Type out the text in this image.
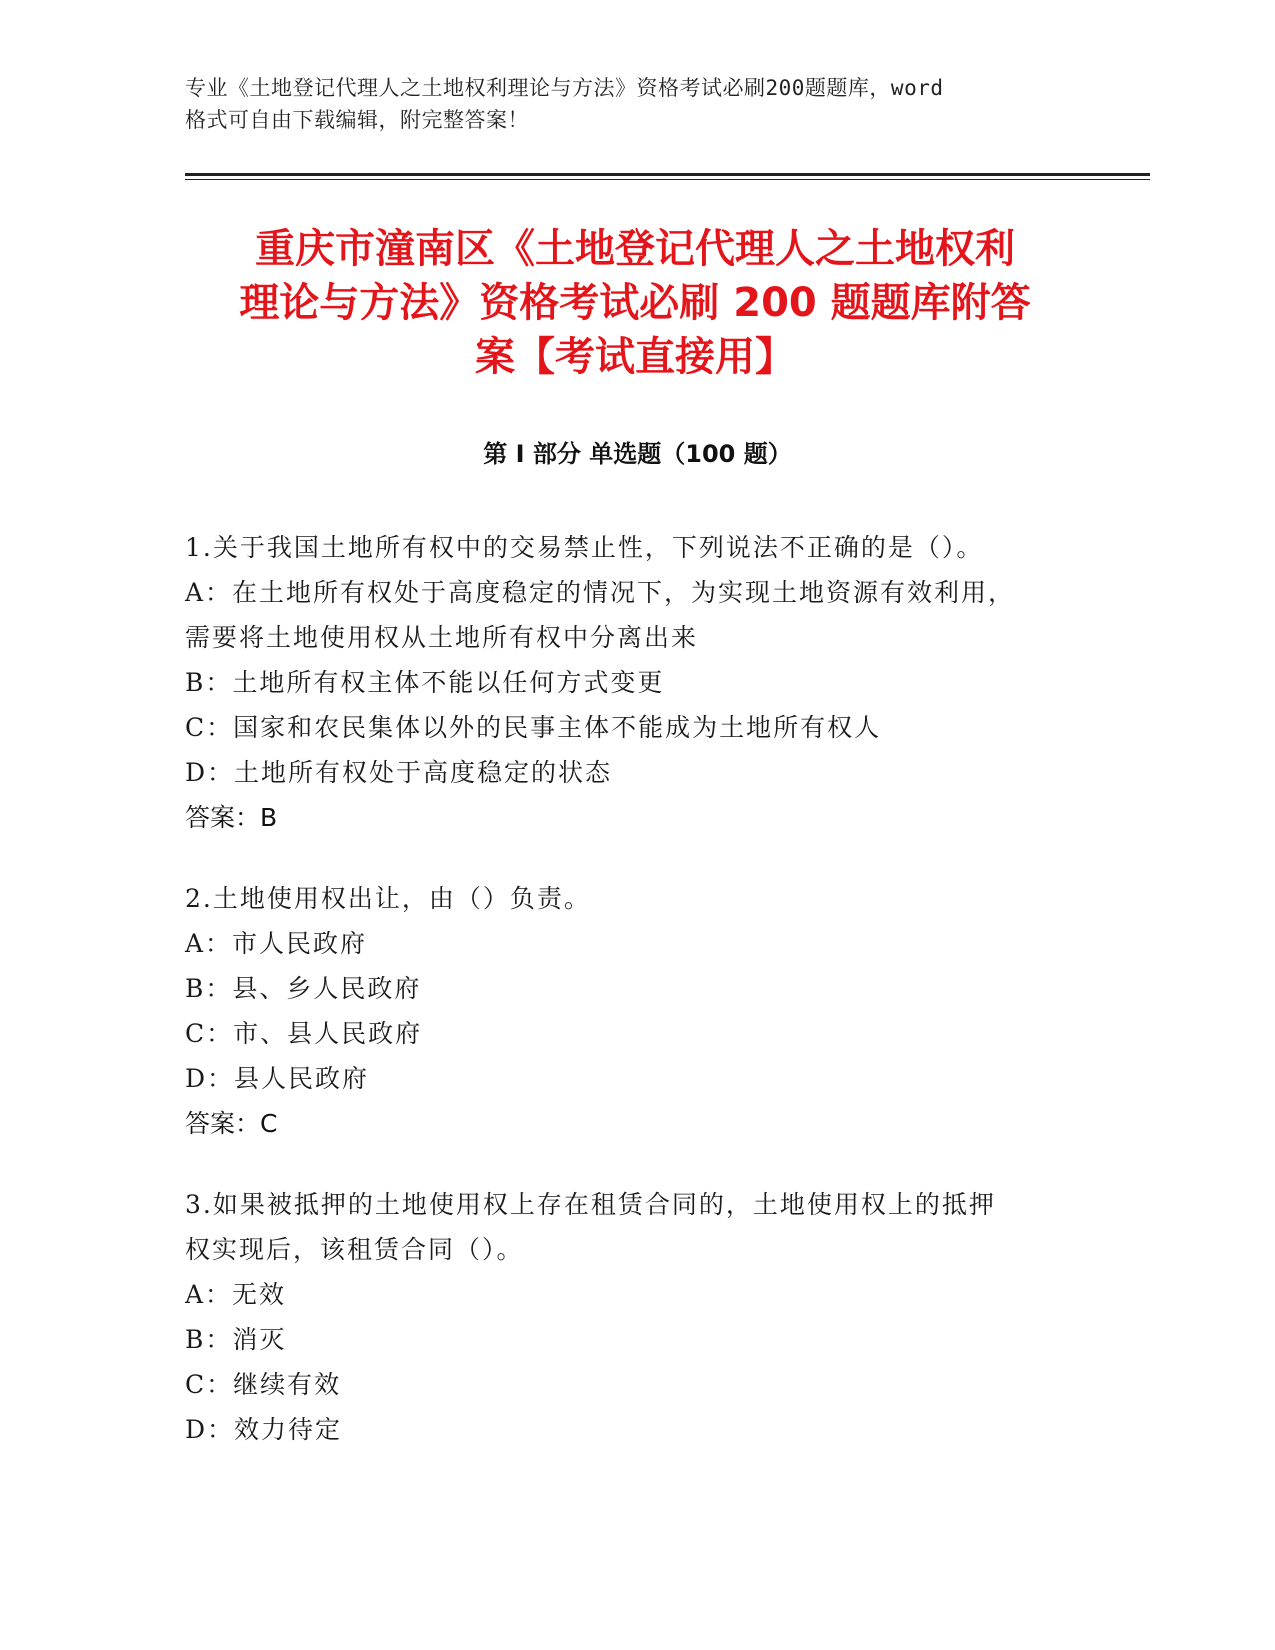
专业《土地登记代理人之土地权利理论与方法》资格考试必刷200题题库，word
格式可自由下载编辑，附完整答案！
重庆市潼南区《土地登记代理人之土地权利
理论与方法》资格考试必刷 200 题题库附答
案【考试直接用】
第 I 部分 单选题（100 题）
1.关于我国土地所有权中的交易禁止性，下列说法不正确的是（）。
A：在土地所有权处于高度稳定的情况下，为实现土地资源有效利用，
需要将土地使用权从土地所有权中分离出来
B：土地所有权主体不能以任何方式变更
C：国家和农民集体以外的民事主体不能成为土地所有权人
D：土地所有权处于高度稳定的状态
答案：B
2.土地使用权出让，由（）负责。
A：市人民政府
B：县、乡人民政府
C：市、县人民政府
D：县人民政府
答案：C
3.如果被抵押的土地使用权上存在租赁合同的，土地使用权上的抵押
权实现后，该租赁合同（）。
A：无效
B：消灭
C：继续有效
D：效力待定
